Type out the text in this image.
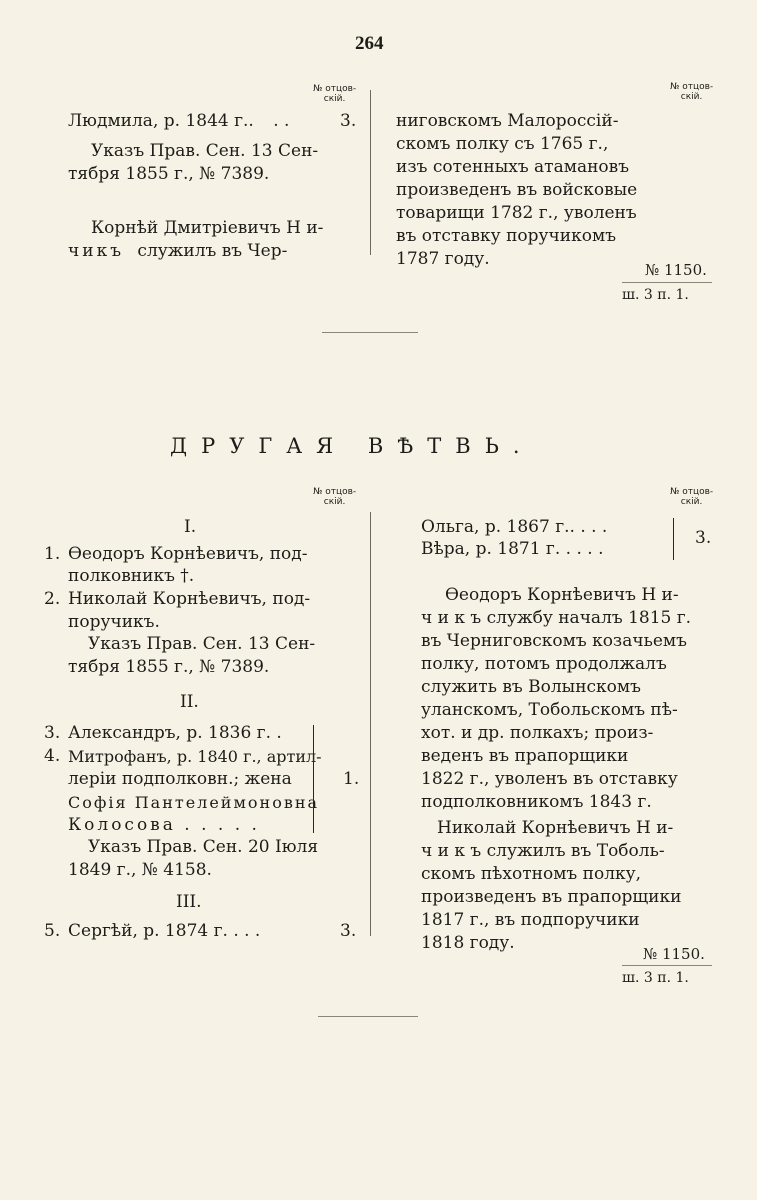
264
№ отцов-
скій.
№ отцов-
скій.
Людмила, р. 1844 г.. . .	3.
Указъ Прав. Сен. 13 Сен-
тября 1855 г., № 7389.
Корнѣй Дмитріевичъ Н и-
чикъ служилъ въ Чер-
ниговскомъ Малороссій-
скомъ полку съ 1765 г.,
изъ сотенныхъ атамановъ
произведенъ въ войсковые
товарищи 1782 г., уволенъ
въ отставку поручикомъ
1787 году.
№ 1150.
ш. 3 п. 1.
ДРУГАЯ ВѢТВЬ.
№ отцов-
скій.
№ отцов-
скій.
I.
1. Ѳеодоръ Корнѣевичъ, под-
полковникъ †.
2. Николай Корнѣевичъ, под-
поручикъ.
Указъ Прав. Сен. 13 Сен-
тября 1855 г., № 7389.
II.
3. Александръ, р. 1836 г. .
4. Митрофанъ, р. 1840 г., артил-
леріи подполковн.; жена
Софія Пантелеймоновна
Колосова . . . . .
1.
Указъ Прав. Сен. 20 Іюля
1849 г., № 4158.
III.
5. Сергѣй, р. 1874 г. . . .	3.
Ольга, р. 1867 г.. . . .
Вѣра, р. 1871 г. . . . .
3.
Ѳеодоръ Корнѣевичъ Н и-
ч и к ъ службу началъ 1815 г.
въ Черниговскомъ козачьемъ
полку, потомъ продолжалъ
служить въ Волынскомъ
уланскомъ, Тобольскомъ пѣ-
хот. и др. полкахъ; произ-
веденъ въ прапорщики
1822 г., уволенъ въ отставку
подполковникомъ 1843 г.
Николай Корнѣевичъ Н и-
ч и к ъ служилъ въ Тоболь-
скомъ пѣхотномъ полку,
произведенъ въ прапорщики
1817 г., въ подпоручики
1818 году.
№ 1150.
ш. 3 п. 1.
